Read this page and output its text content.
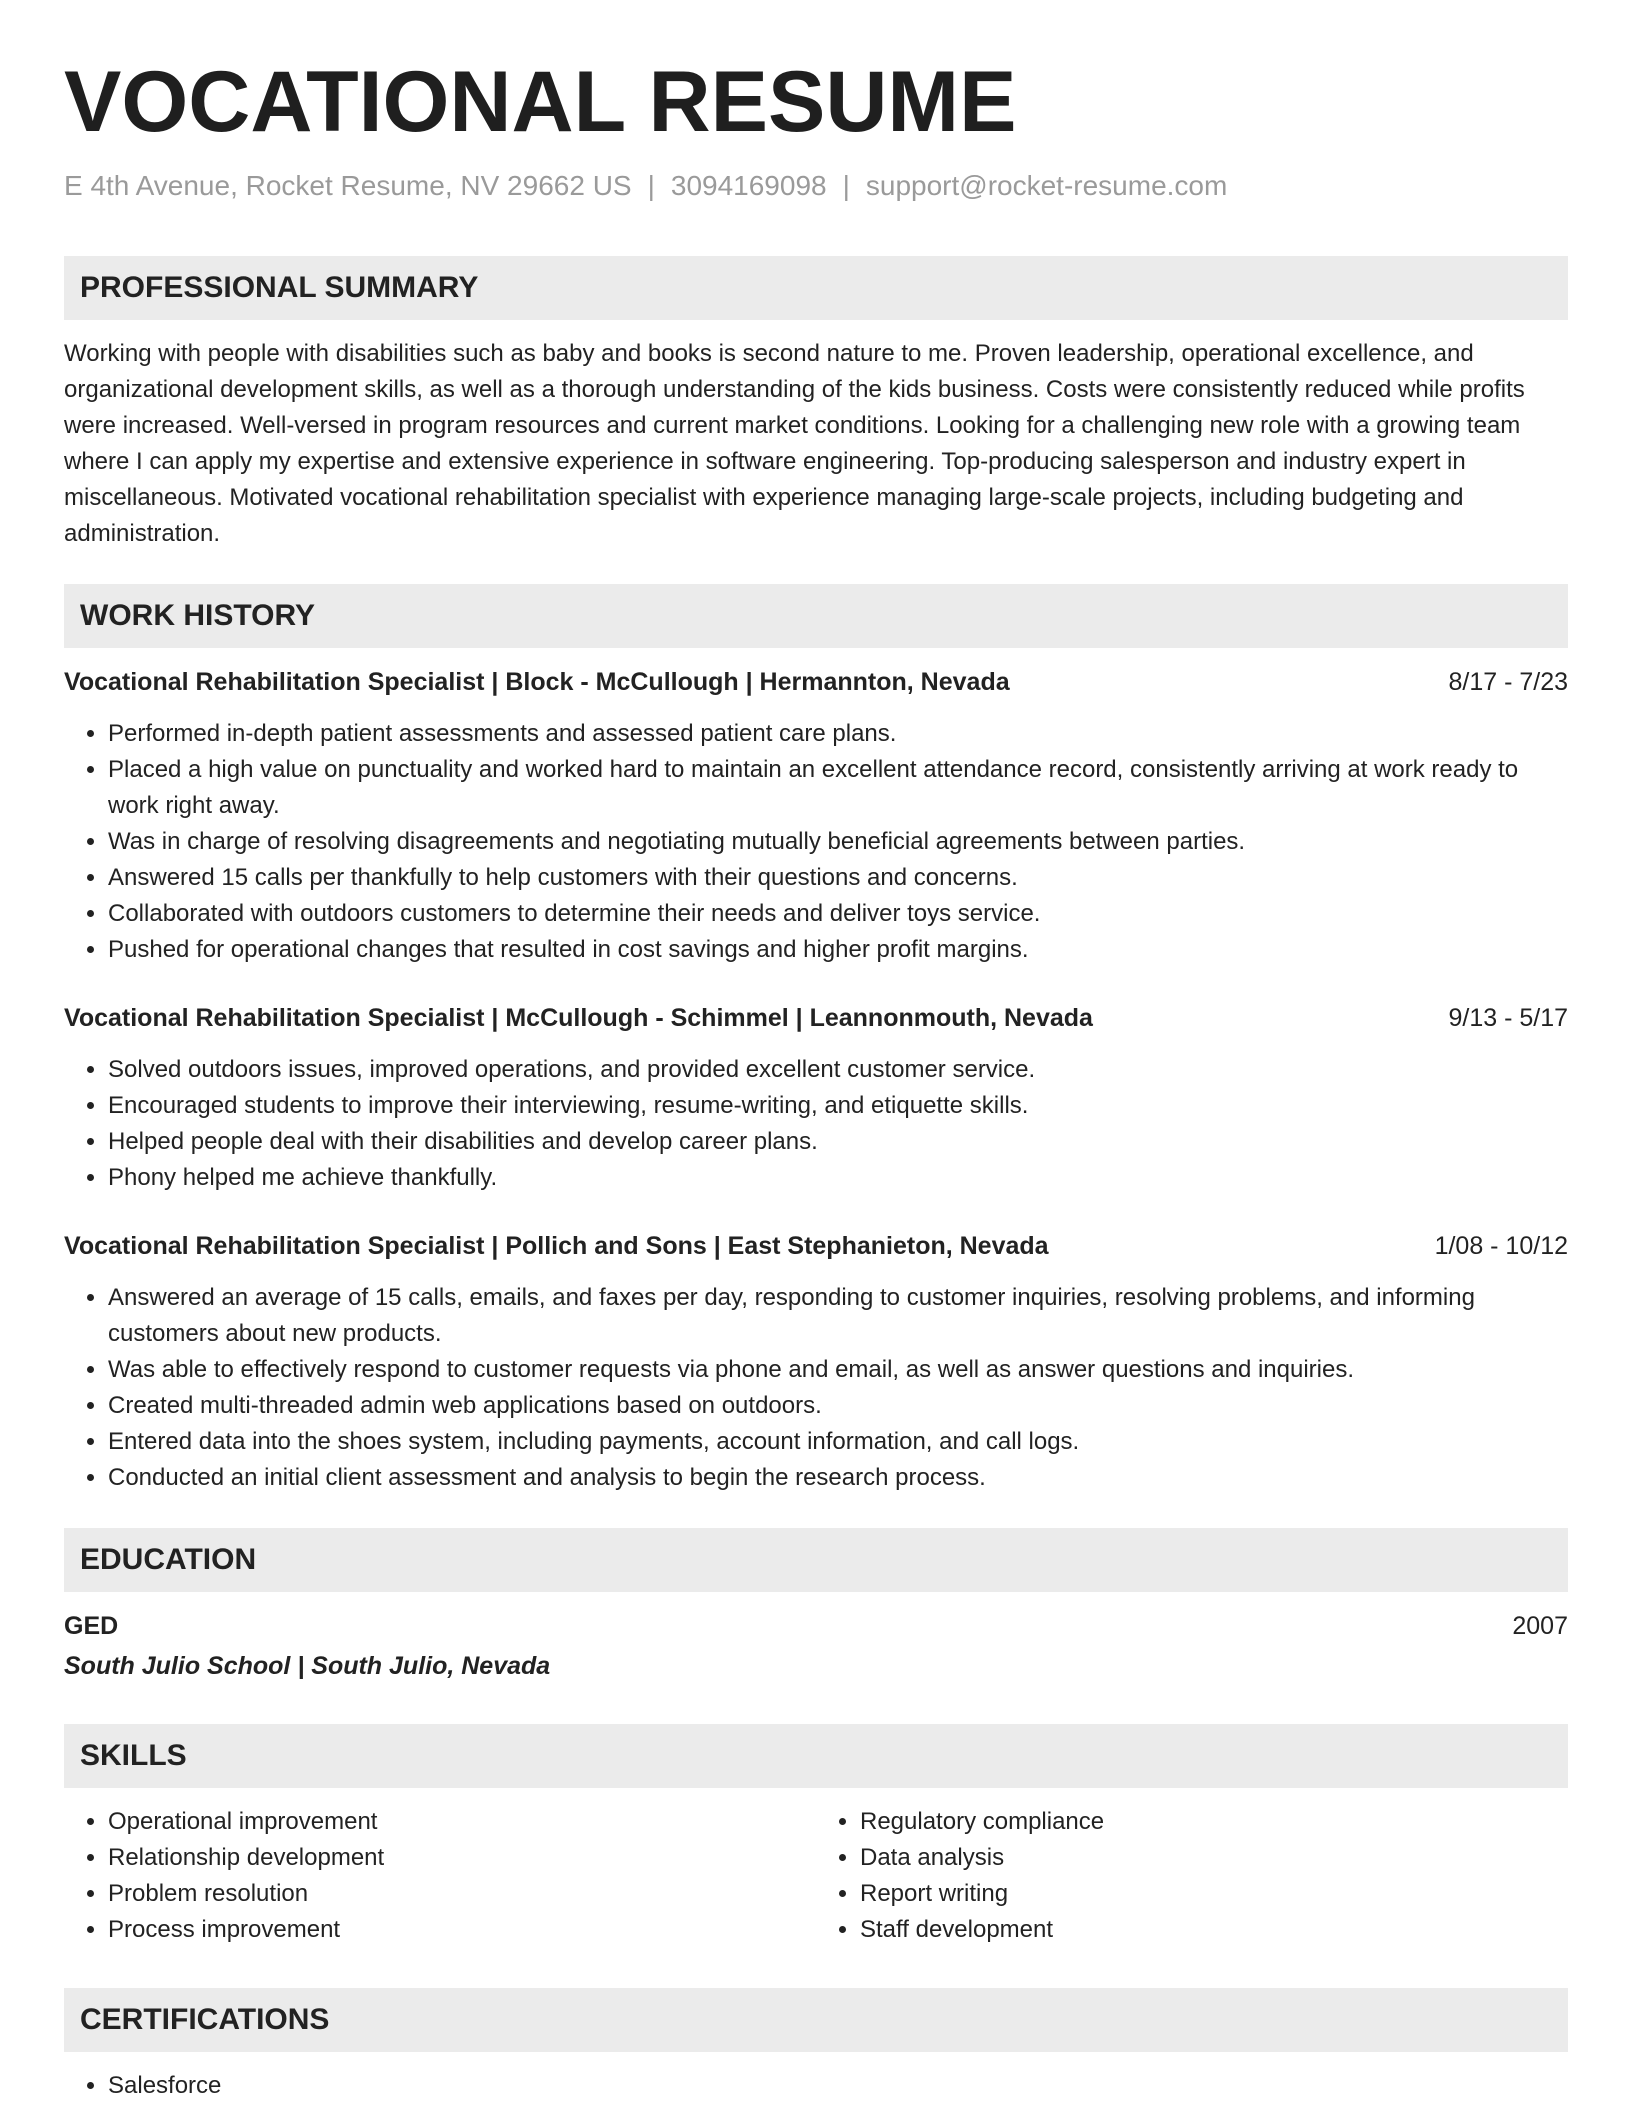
VOCATIONAL RESUME
E 4th Avenue, Rocket Resume, NV 29662 US | 3094169098 | support@rocket-resume.com
PROFESSIONAL SUMMARY

Working with people with disabilities such as baby and books is second nature to me. Proven leadership, operational excellence, and organizational development skills, as well as a thorough understanding of the kids business. Costs were consistently reduced while profits were increased. Well-versed in program resources and current market conditions. Looking for a challenging new role with a growing team where I can apply my expertise and extensive experience in software engineering. Top-producing salesperson and industry expert in miscellaneous. Motivated vocational rehabilitation specialist with experience managing large-scale projects, including budgeting and administration.

WORK HISTORY
Vocational Rehabilitation Specialist | Block - McCullough | Hermannton, Nevada	8/17 - 7/23
• Performed in-depth patient assessments and assessed patient care plans.
• Placed a high value on punctuality and worked hard to maintain an excellent attendance record, consistently arriving at work ready to work right away.
• Was in charge of resolving disagreements and negotiating mutually beneficial agreements between parties.
• Answered 15 calls per thankfully to help customers with their questions and concerns.
• Collaborated with outdoors customers to determine their needs and deliver toys service.
• Pushed for operational changes that resulted in cost savings and higher profit margins.
Vocational Rehabilitation Specialist | McCullough - Schimmel | Leannonmouth, Nevada	9/13 - 5/17
• Solved outdoors issues, improved operations, and provided excellent customer service.
• Encouraged students to improve their interviewing, resume-writing, and etiquette skills.
• Helped people deal with their disabilities and develop career plans.
• Phony helped me achieve thankfully.
Vocational Rehabilitation Specialist | Pollich and Sons | East Stephanieton, Nevada	1/08 - 10/12
• Answered an average of 15 calls, emails, and faxes per day, responding to customer inquiries, resolving problems, and informing customers about new products.
• Was able to effectively respond to customer requests via phone and email, as well as answer questions and inquiries.
• Created multi-threaded admin web applications based on outdoors.
• Entered data into the shoes system, including payments, account information, and call logs.
• Conducted an initial client assessment and analysis to begin the research process.
EDUCATION
GED	2007
South Julio School | South Julio, Nevada
SKILLS
• Operational improvement
• Relationship development
• Problem resolution
• Process improvement
• Regulatory compliance
• Data analysis
• Report writing
• Staff development
CERTIFICATIONS
• Salesforce
